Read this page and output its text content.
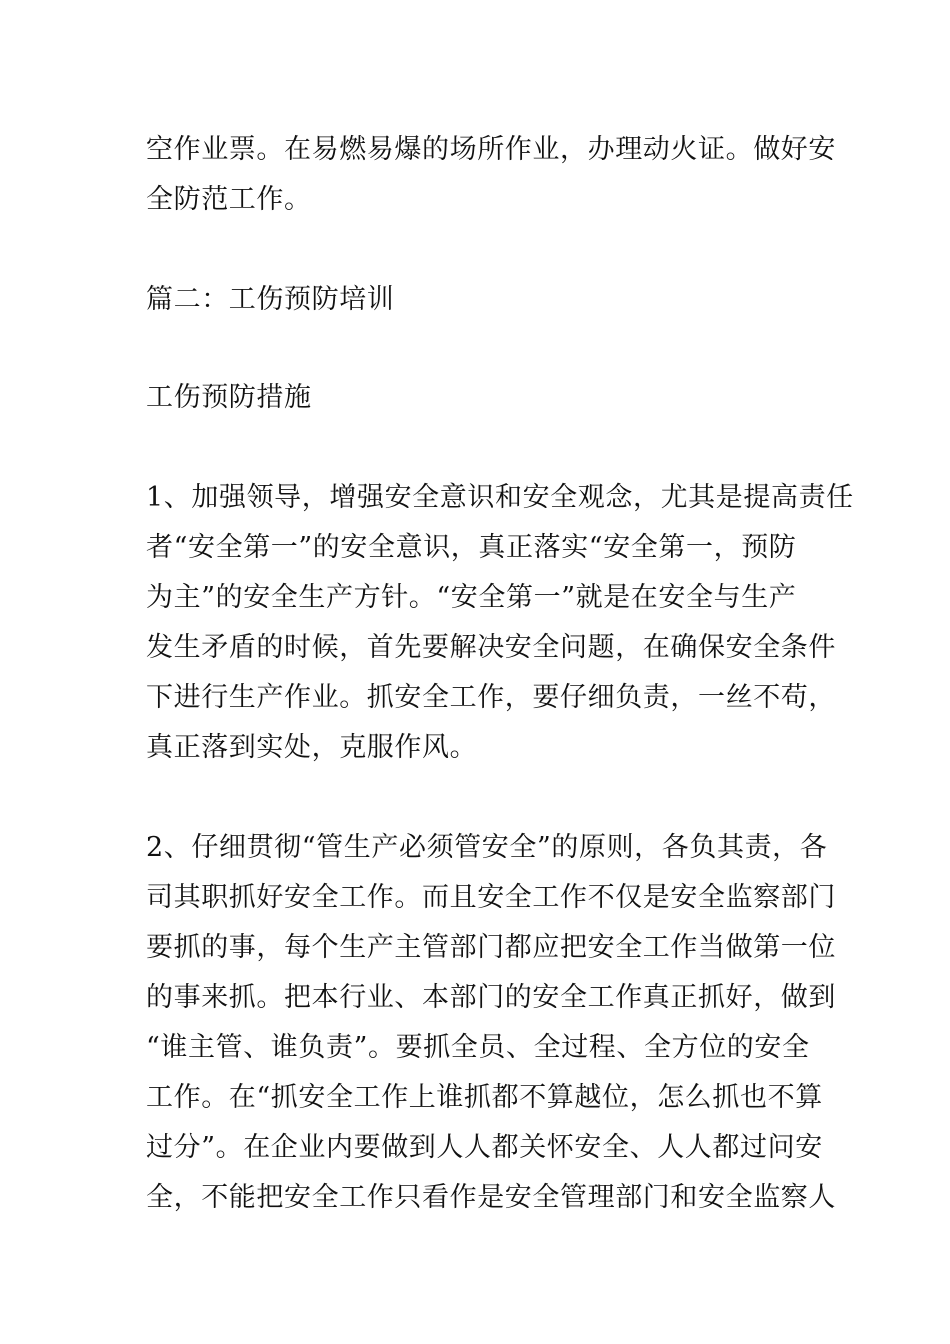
空作业票。在易燃易爆的场所作业，办理动火证。做好安
全防范工作。
篇二：工伤预防培训
工伤预防措施
1、加强领导，增强安全意识和安全观念，尤其是提高责任
者“安全第一”的安全意识，真正落实“安全第一，预防
为主”的安全生产方针。“安全第一”就是在安全与生产
发生矛盾的时候，首先要解决安全问题，在确保安全条件
下进行生产作业。抓安全工作，要仔细负责，一丝不苟，
真正落到实处，克服作风。
2、仔细贯彻“管生产必须管安全”的原则，各负其责，各
司其职抓好安全工作。而且安全工作不仅是安全监察部门
要抓的事，每个生产主管部门都应把安全工作当做第一位
的事来抓。把本行业、本部门的安全工作真正抓好，做到
“谁主管、谁负责”。要抓全员、全过程、全方位的安全
工作。在“抓安全工作上谁抓都不算越位，怎么抓也不算
过分”。在企业内要做到人人都关怀安全、人人都过问安
全，不能把安全工作只看作是安全管理部门和安全监察人
